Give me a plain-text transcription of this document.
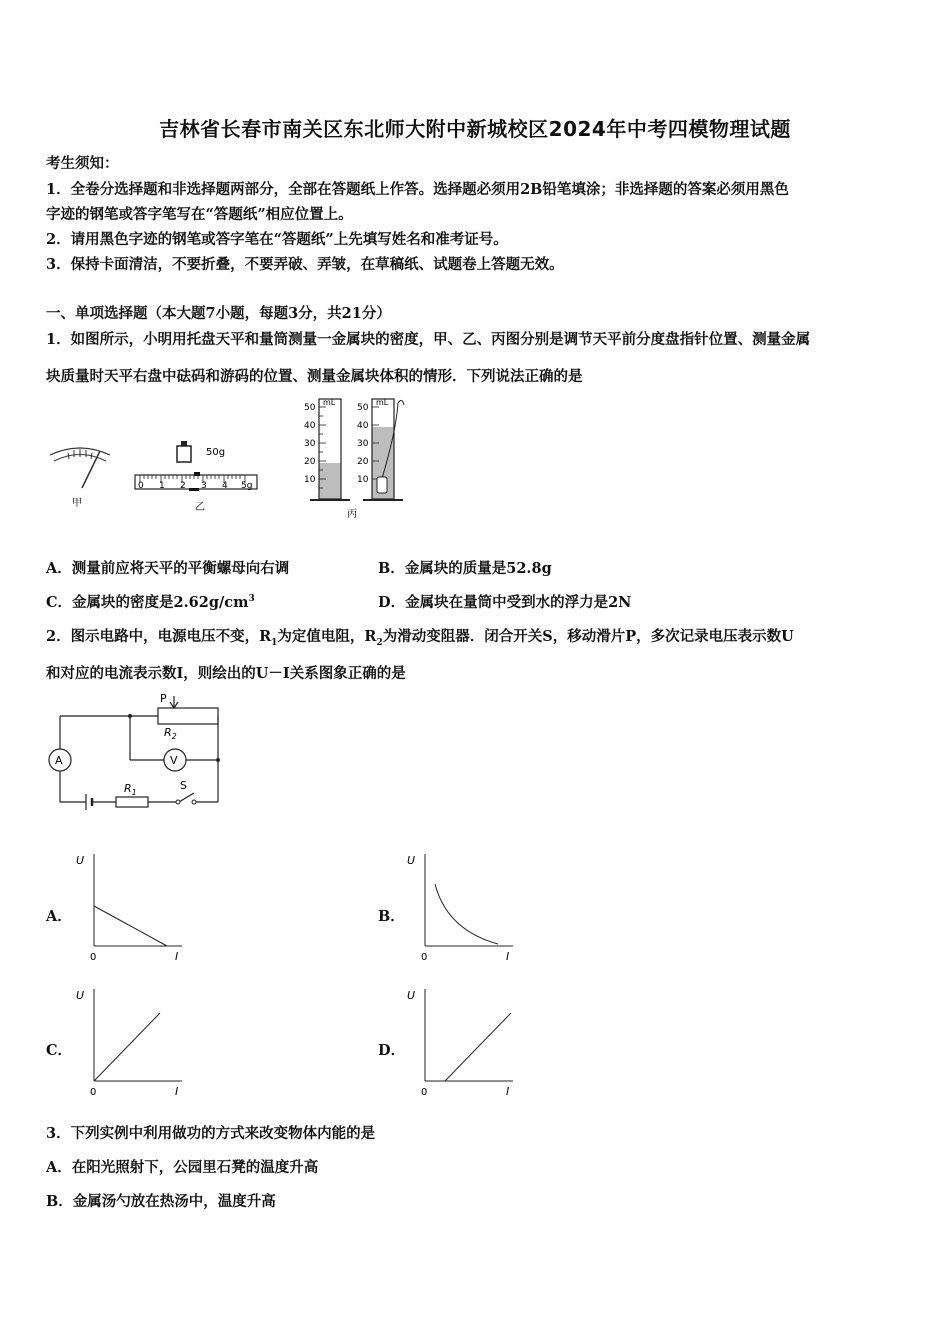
吉林省长春市南关区东北师大附中新城校区2024年中考四模物理试题
考生须知：
1．全卷分选择题和非选择题两部分，全部在答题纸上作答。选择题必须用2B铅笔填涂；非选择题的答案必须用黑色
字迹的钢笔或答字笔写在“答题纸”相应位置上。
2．请用黑色字迹的钢笔或答字笔在“答题纸”上先填写姓名和准考证号。
3．保持卡面清洁，不要折叠，不要弄破、弄皱，在草稿纸、试题卷上答题无效。
一、单项选择题（本大题7小题，每题3分，共21分）
1．如图所示，小明用托盘天平和量筒测量一金属块的密度，甲、乙、丙图分别是调节天平前分度盘指针位置、测量金属
块质量时天平右盘中砝码和游码的位置、测量金属块体积的情形．下列说法正确的是
甲
50g
0 1 2 3 4 5g
乙
mL
50
40
30
20
10
mL
50
40
30
20
10
丙
A．测量前应将天平的平衡螺母向右调	B．金属块的质量是52.8g
C．金属块的密度是$2.62g/cm^3$	D．金属块在量筒中受到水的浮力是2N
2．图示电路中，电源电压不变，$R_1$为定值电阻，$R_2$为滑动变阻器．闭合开关S，移动滑片P，多次记录电压表示数U
和对应的电流表示数I，则绘出的U－I关系图象正确的是
A	V
P
$R_2$
$R_1$
S
A．
U
0	I
B．
U
0	I
C．
U
0	I
D．
U
0	I
3．下列实例中利用做功的方式来改变物体内能的是
A．在阳光照射下，公园里石凳的温度升高
B．金属汤勺放在热汤中，温度升高
